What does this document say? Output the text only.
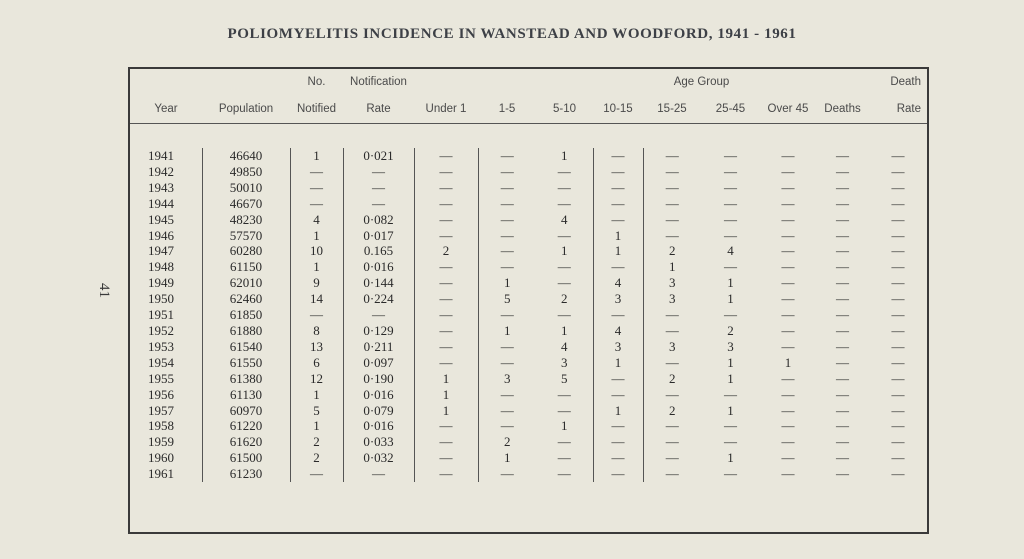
41
POLIOMYELITIS INCIDENCE IN WANSTEAD AND WOODFORD, 1941 - 1961
		No.	Notification					Age Group				Death
Year	Population	Notified	Rate	Under 1	1-5	5-10	10-15	15-25	25-45	Over 45	Deaths	Rate

1941	46640	1	0·021	—	—	1	—	—	—	—	—	—
1942	49850	—	—	—	—	—	—	—	—	—	—	—
1943	50010	—	—	—	—	—	—	—	—	—	—	—
1944	46670	—	—	—	—	—	—	—	—	—	—	—
1945	48230	4	0·082	—	—	4	—	—	—	—	—	—
1946	57570	1	0·017	—	—	—	1	—	—	—	—	—
1947	60280	10	0.165	2	—	1	1	2	4	—	—	—
1948	61150	1	0·016	—	—	—	—	1	—	—	—	—
1949	62010	9	0·144	—	1	—	4	3	1	—	—	—
1950	62460	14	0·224	—	5	2	3	3	1	—	—	—
1951	61850	—	—	—	—	—	—	—	—	—	—	—
1952	61880	8	0·129	—	1	1	4	—	2	—	—	—
1953	61540	13	0·211	—	—	4	3	3	3	—	—	—
1954	61550	6	0·097	—	—	3	1	—	1	1	—	—
1955	61380	12	0·190	1	3	5	—	2	1	—	—	—
1956	61130	1	0·016	1	—	—	—	—	—	—	—	—
1957	60970	5	0·079	1	—	—	1	2	1	—	—	—
1958	61220	1	0·016	—	—	1	—	—	—	—	—	—
1959	61620	2	0·033	—	2	—	—	—	—	—	—	—
1960	61500	2	0·032	—	1	—	—	—	1	—	—	—
1961	61230	—	—	—	—	—	—	—	—	—	—	—
